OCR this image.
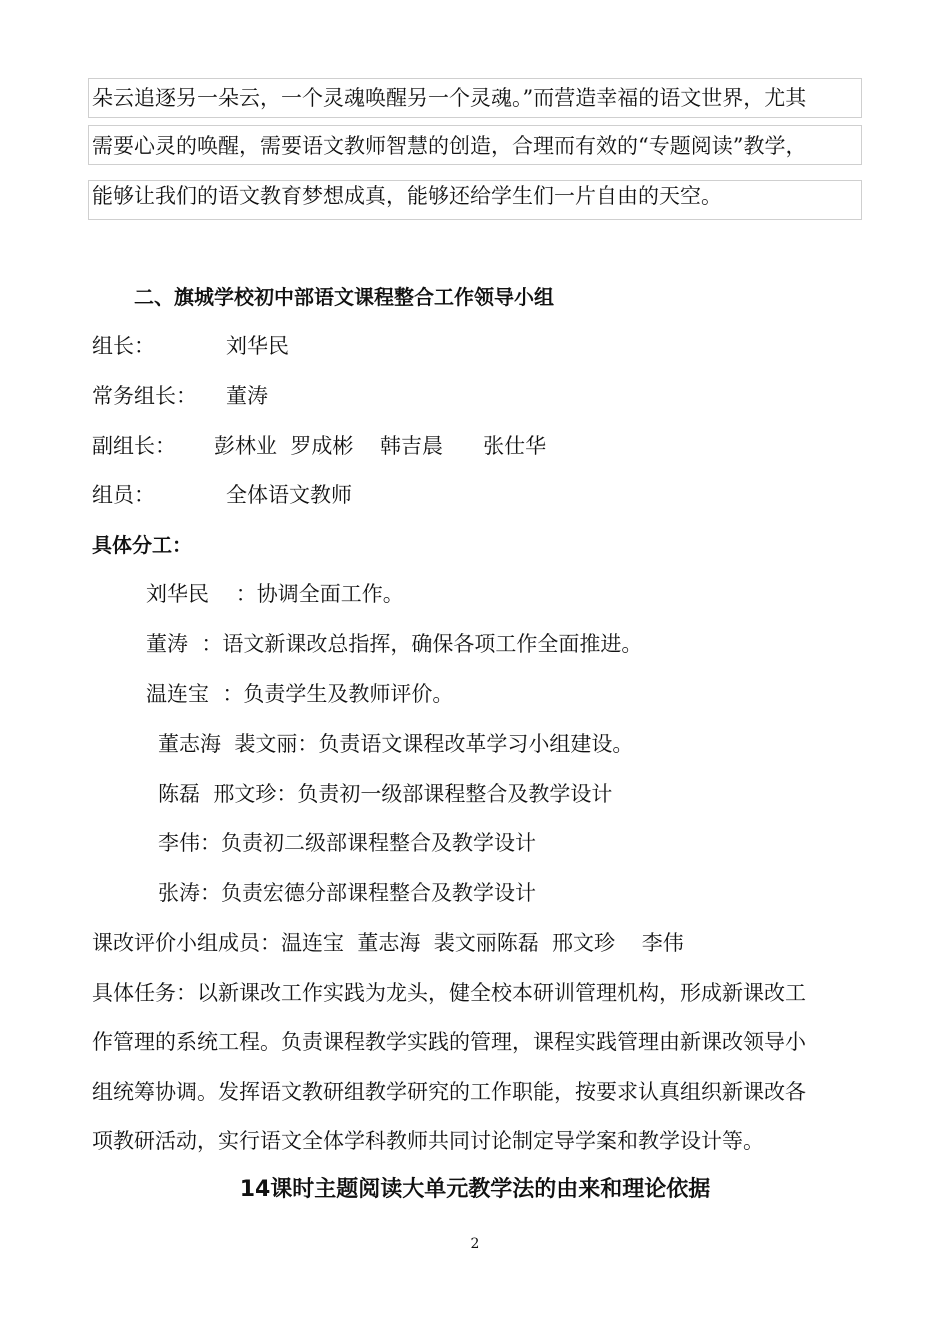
朵云追逐另一朵云，一个灵魂唤醒另一个灵魂。”而营造幸福的语文世界，尤其
需要心灵的唤醒，需要语文教师智慧的创造，合理而有效的“专题阅读”教学，
能够让我们的语文教育梦想成真，能够还给学生们一片自由的天空。
二、旗城学校初中部语文课程整合工作领导小组
组长：	刘华民
常务组长： 董涛
副组长： 彭林业  罗成彬    韩吉晨      张仕华
组员：	全体语文教师
具体分工：
刘华民    ：协调全面工作。
董涛  ：语文新课改总指挥，确保各项工作全面推进。
温连宝  ：负责学生及教师评价。
董志海  裴文丽：负责语文课程改革学习小组建设。
陈磊  邢文珍：负责初一级部课程整合及教学设计
李伟：负责初二级部课程整合及教学设计
张涛：负责宏德分部课程整合及教学设计
课改评价小组成员：温连宝  董志海  裴文丽陈磊  邢文珍    李伟
具体任务：以新课改工作实践为龙头，健全校本研训管理机构，形成新课改工
作管理的系统工程。负责课程教学实践的管理，课程实践管理由新课改领导小
组统筹协调。发挥语文教研组教学研究的工作职能，按要求认真组织新课改各
项教研活动，实行语文全体学科教师共同讨论制定导学案和教学设计等。
14课时主题阅读大单元教学法的由来和理论依据
2
